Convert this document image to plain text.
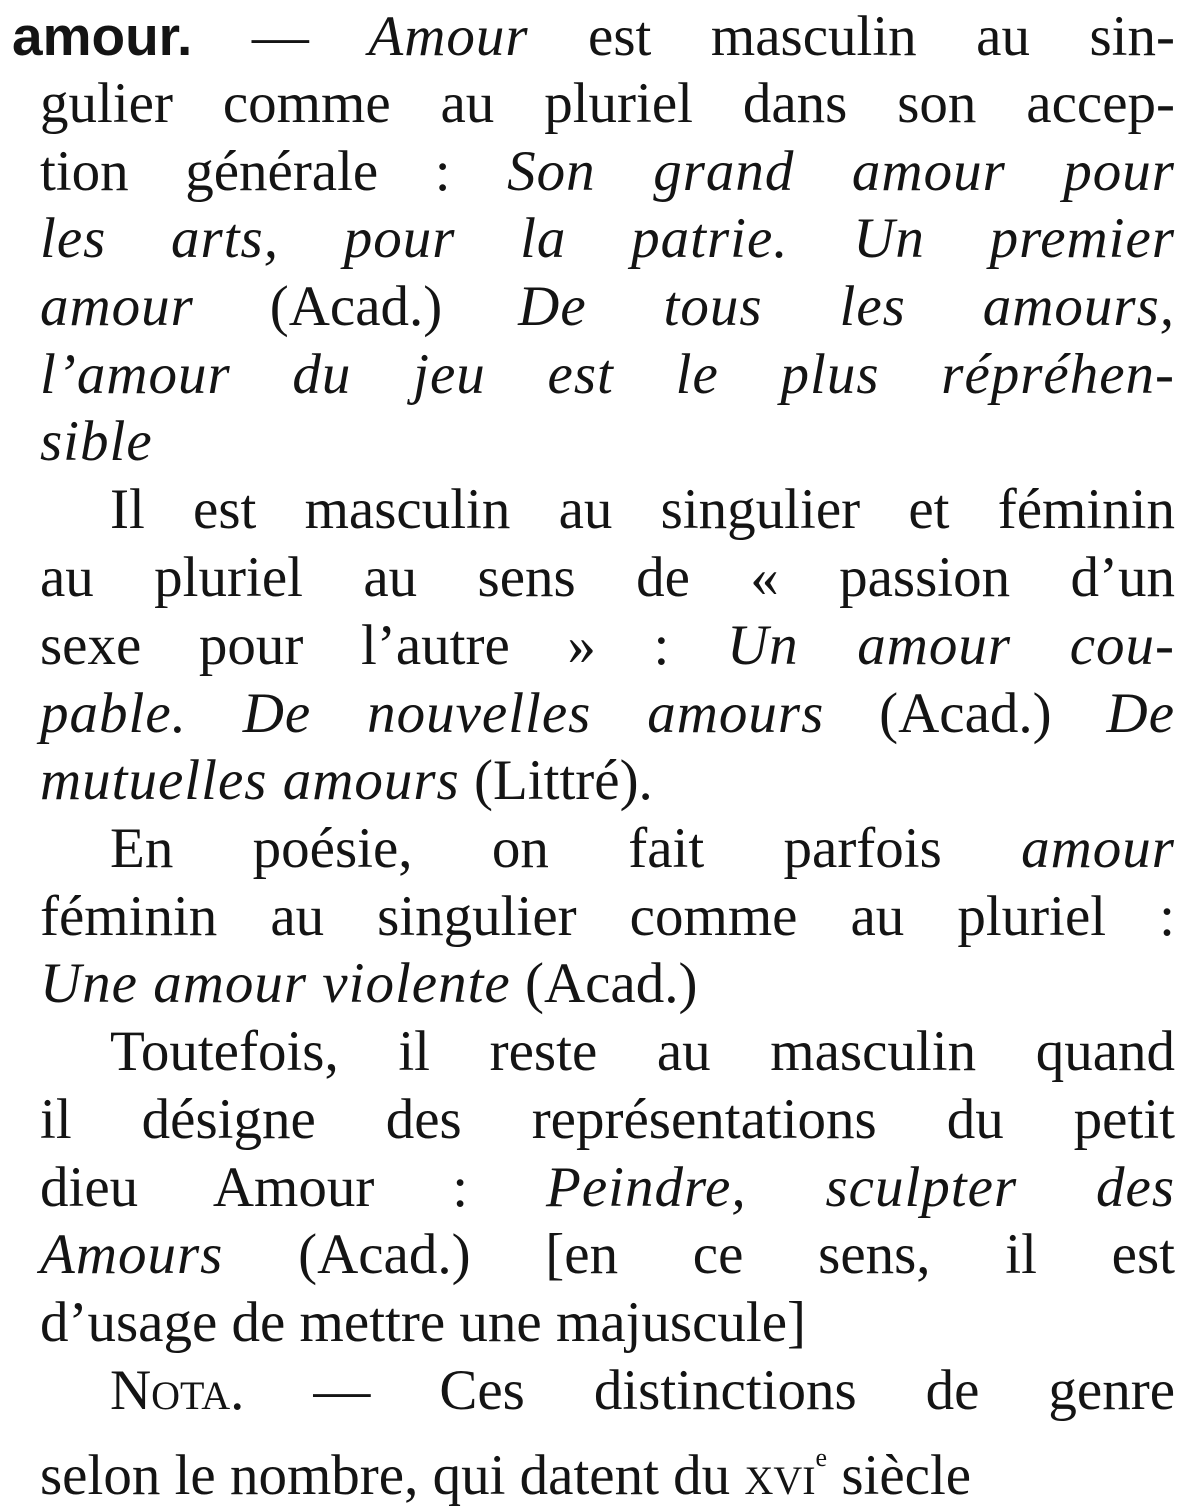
amour. — Amour est masculin au sin-
gulier comme au pluriel dans son accep-
tion générale : Son grand amour pour
les arts, pour la patrie. Un premier
amour (Acad.) De tous les amours,
l’amour du jeu est le plus répréhen-
sible
Il est masculin au singulier et féminin
au pluriel au sens de « passion d’un
sexe pour l’autre » : Un amour cou-
pable. De nouvelles amours (Acad.) De
mutuelles amours (Littré).
En poésie, on fait parfois amour
féminin au singulier comme au pluriel :
Une amour violente (Acad.)
Toutefois, il reste au masculin quand
il désigne des représentations du petit
dieu Amour : Peindre, sculpter des
Amours (Acad.) [en ce sens, il est
d’usage de mettre une majuscule]
Nota. — Ces distinctions de genre
selon le nombre, qui datent du xvi$^e$ siècle
